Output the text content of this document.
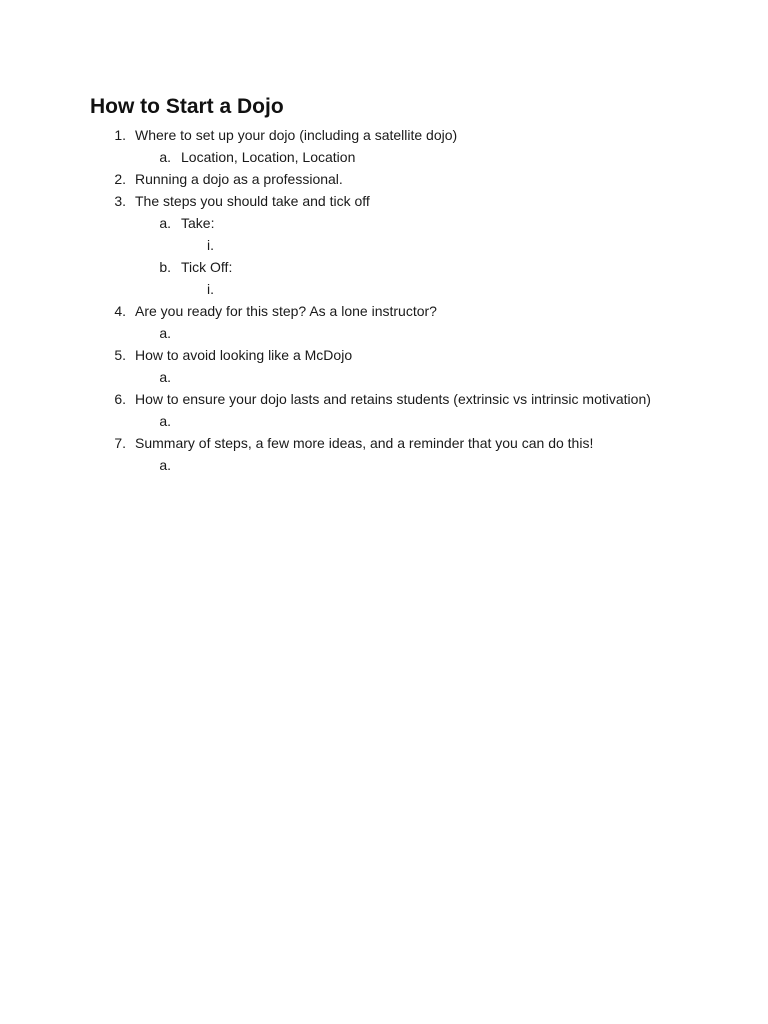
How to Start a Dojo
1. Where to set up your dojo (including a satellite dojo)
a. Location, Location, Location
2. Running a dojo as a professional.
3. The steps you should take and tick off
a. Take:
i.
b. Tick Off:
i.
4. Are you ready for this step? As a lone instructor?
a.
5. How to avoid looking like a McDojo
a.
6. How to ensure your dojo lasts and retains students (extrinsic vs intrinsic motivation)
a.
7. Summary of steps, a few more ideas, and a reminder that you can do this!
a.
